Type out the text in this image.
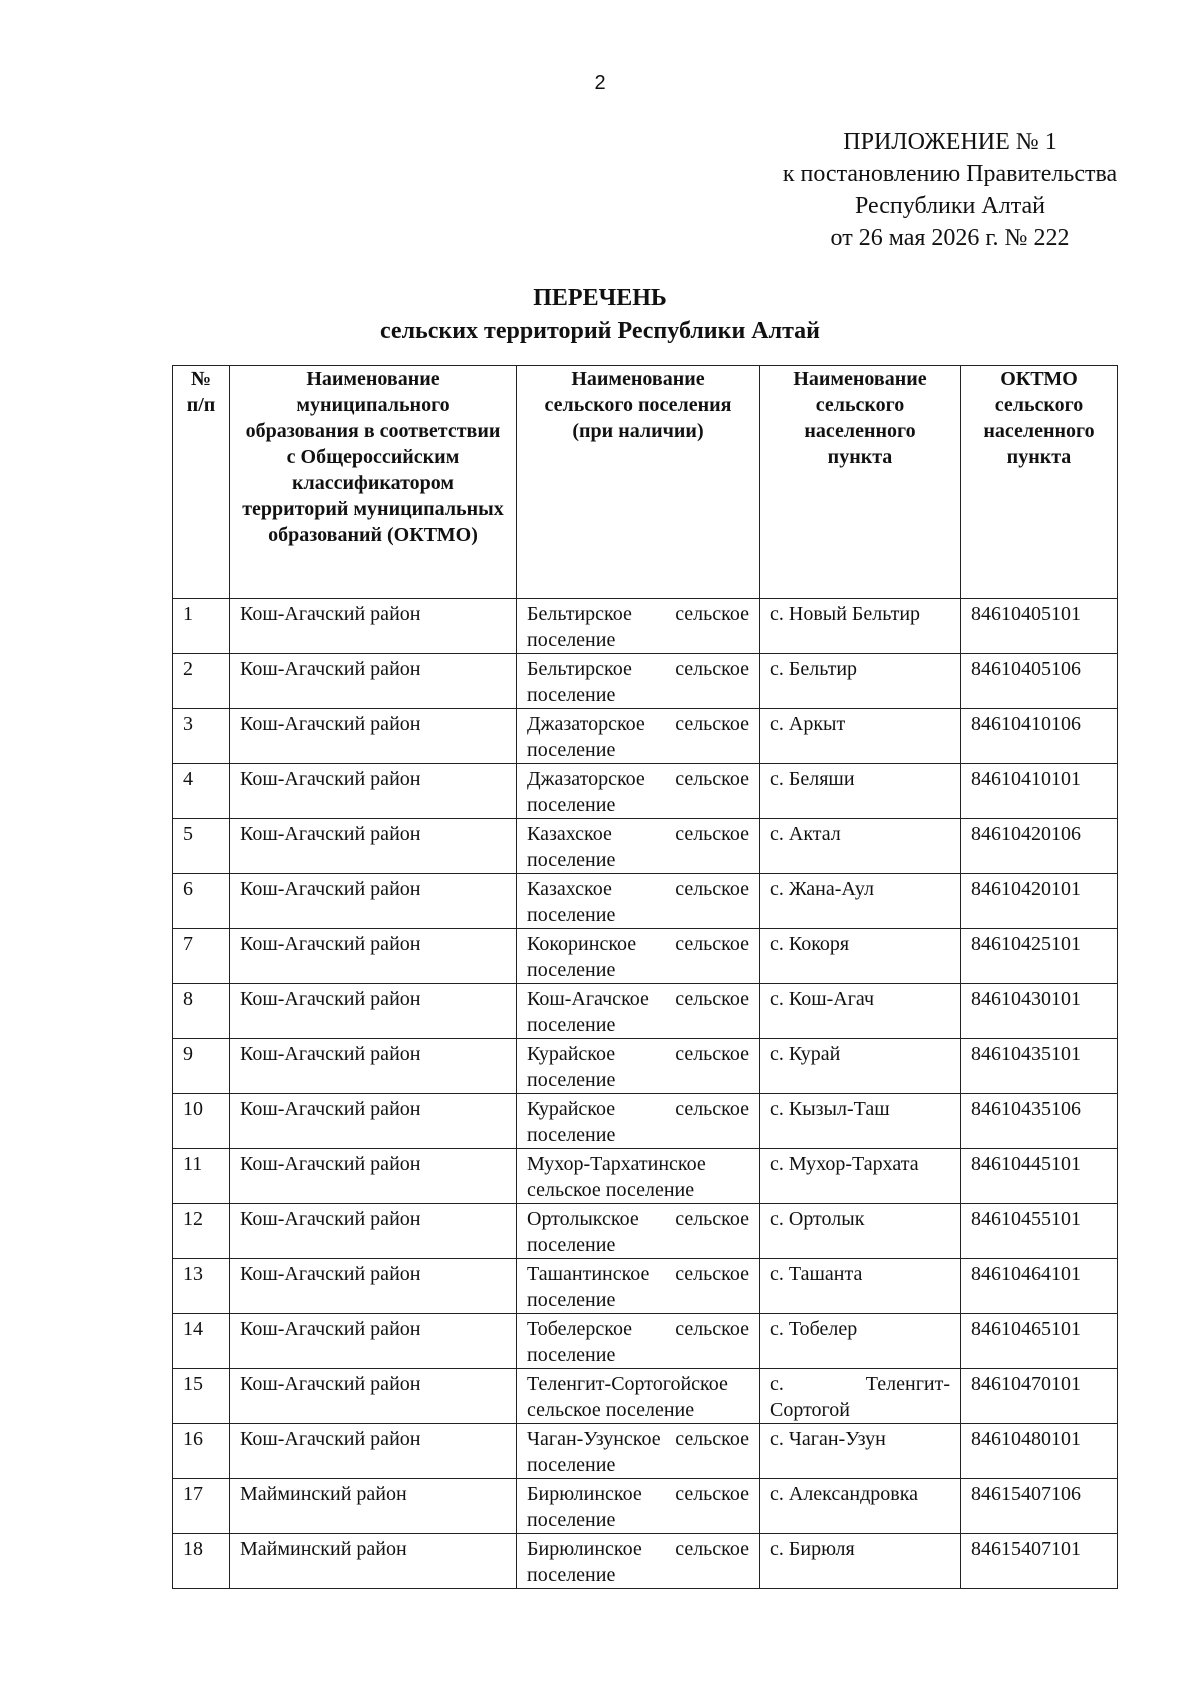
2
ПРИЛОЖЕНИЕ № 1
к постановлению Правительства
Республики Алтай
от 26 мая 2026 г. № 222
ПЕРЕЧЕНЬ
сельских территорий Республики Алтай
№ п/п	Наименование муниципального образования в соответствии с Общероссийским классификатором территорий муниципальных образований (ОКТМО)	Наименование сельского поселения (при наличии)	Наименование сельского населенного пункта	ОКТМО сельского населенного пункта
1	Кош-Агачский район	Бельтирское сельское поселение	с. Новый Бельтир	84610405101
2	Кош-Агачский район	Бельтирское сельское поселение	с. Бельтир	84610405106
3	Кош-Агачский район	Джазаторское сельское поселение	с. Аркыт	84610410106
4	Кош-Агачский район	Джазаторское сельское поселение	с. Беляши	84610410101
5	Кош-Агачский район	Казахское сельское поселение	с. Актал	84610420106
6	Кош-Агачский район	Казахское сельское поселение	с. Жана-Аул	84610420101
7	Кош-Агачский район	Кокоринское сельское поселение	с. Кокоря	84610425101
8	Кош-Агачский район	Кош-Агачское сельское поселение	с. Кош-Агач	84610430101
9	Кош-Агачский район	Курайское сельское поселение	с. Курай	84610435101
10	Кош-Агачский район	Курайское сельское поселение	с. Кызыл-Таш	84610435106
11	Кош-Агачский район	Мухор-Тархатинское сельское поселение	с. Мухор-Тархата	84610445101
12	Кош-Агачский район	Ортолыкское сельское поселение	с. Ортолык	84610455101
13	Кош-Агачский район	Ташантинское сельское поселение	с. Ташанта	84610464101
14	Кош-Агачский район	Тобелерское сельское поселение	с. Тобелер	84610465101
15	Кош-Агачский район	Теленгит-Сортогойское сельское поселение	с. Теленгит-Сортогой	84610470101
16	Кош-Агачский район	Чаган-Узунское сельское поселение	с. Чаган-Узун	84610480101
17	Майминский район	Бирюлинское сельское поселение	с. Александровка	84615407106
18	Майминский район	Бирюлинское сельское поселение	с. Бирюля	84615407101
